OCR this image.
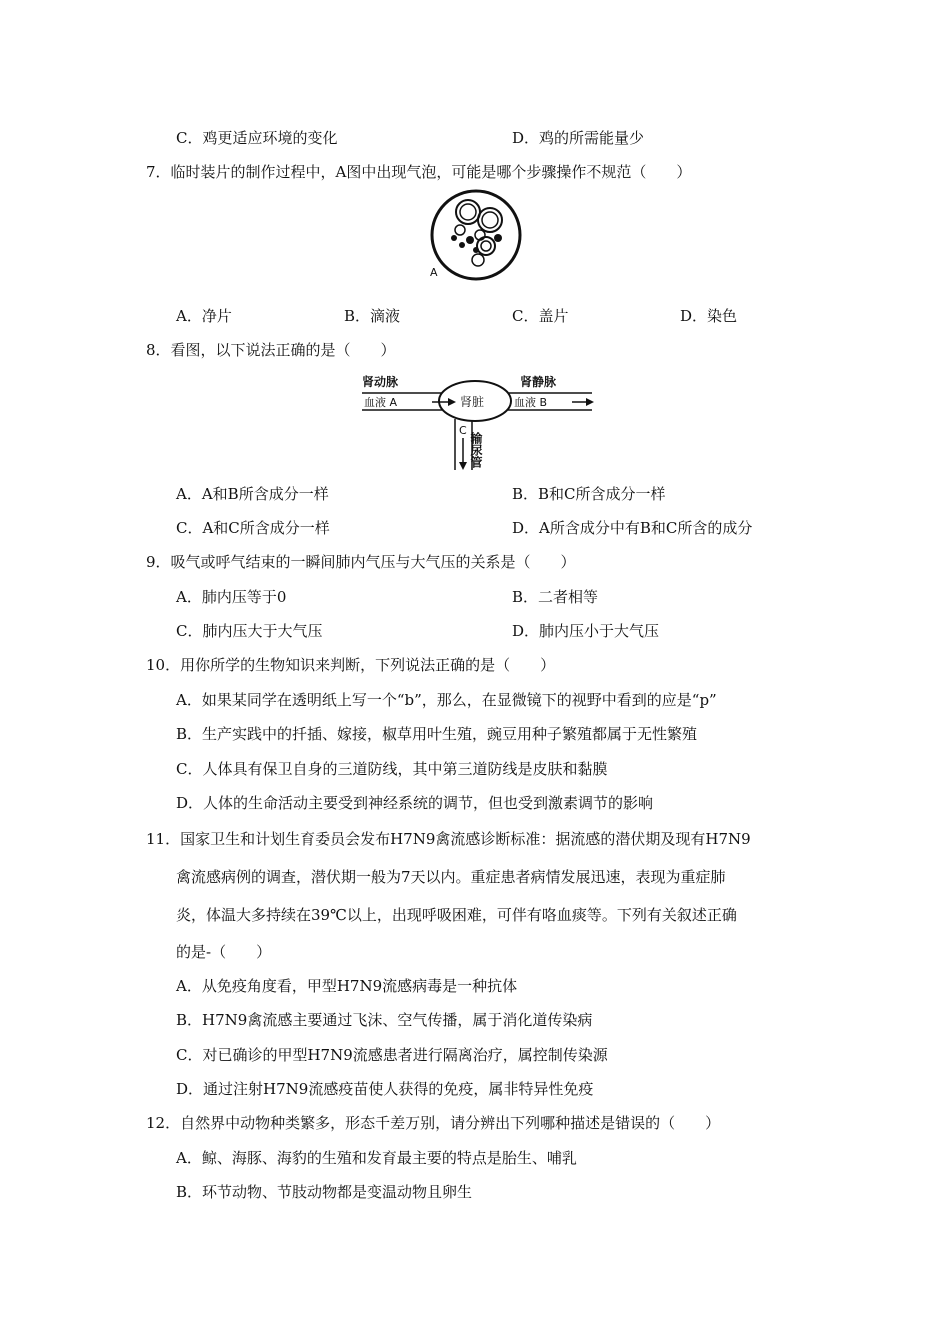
C．鸡更适应环境的变化	D．鸡的所需能量少
7．临时装片的制作过程中，A图中出现气泡，可能是哪个步骤操作不规范（　　）
A
A．净片	B．滴液	C．盖片	D．染色
8．看图，以下说法正确的是（　　）
肾动脉	肾静脉
血液 A	血液 B
肾脏
C
输尿管
A．A和B所含成分一样	B．B和C所含成分一样
C．A和C所含成分一样	D．A所含成分中有B和C所含的成分
9．吸气或呼气结束的一瞬间肺内气压与大气压的关系是（　　）
A．肺内压等于0	B．二者相等
C．肺内压大于大气压	D．肺内压小于大气压
10．用你所学的生物知识来判断，下列说法正确的是（　　）
A．如果某同学在透明纸上写一个“b”，那么，在显微镜下的视野中看到的应是“p”
B．生产实践中的扦插、嫁接，椒草用叶生殖，豌豆用种子繁殖都属于无性繁殖
C．人体具有保卫自身的三道防线，其中第三道防线是皮肤和黏膜
D．人体的生命活动主要受到神经系统的调节，但也受到激素调节的影响
11．国家卫生和计划生育委员会发布H7N9禽流感诊断标准：据流感的潜伏期及现有H7N9
禽流感病例的调查，潜伏期一般为7天以内。重症患者病情发展迅速，表现为重症肺
炎，体温大多持续在39℃以上，出现呼吸困难，可伴有咯血痰等。下列有关叙述正确
的是-（　　）
A．从免疫角度看，甲型H7N9流感病毒是一种抗体
B．H7N9禽流感主要通过飞沫、空气传播，属于消化道传染病
C．对已确诊的甲型H7N9流感患者进行隔离治疗，属控制传染源
D．通过注射H7N9流感疫苗使人获得的免疫，属非特异性免疫
12．自然界中动物种类繁多，形态千差万别，请分辨出下列哪种描述是错误的（　　）
A．鲸、海豚、海豹的生殖和发育最主要的特点是胎生、哺乳
B．环节动物、节肢动物都是变温动物且卵生
